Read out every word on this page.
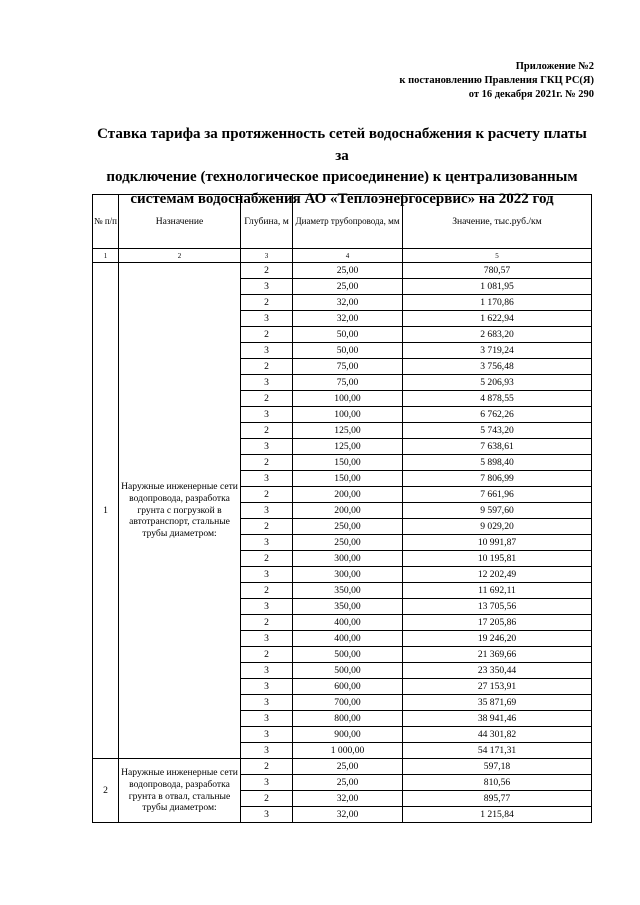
Приложение №2
к постановлению Правления ГКЦ РС(Я)
от 16 декабря 2021г. № 290
Ставка тарифа за протяженность сетей водоснабжения к расчету платы за
подключение (технологическое присоединение) к централизованным
системам водоснабжения АО «Теплоэнергосервис» на 2022 год
№ п/п	Назначение	Глубина, м	Диаметр трубопровода, мм	Значение, тыс.руб./км
1	2	3	4	5
1	Наружные инженерные сети водопровода, разработка грунта с погрузкой в автотранспорт, стальные трубы диаметром:	2	25,00	780,57
		3	25,00	1 081,95
		2	32,00	1 170,86
		3	32,00	1 622,94
		2	50,00	2 683,20
		3	50,00	3 719,24
		2	75,00	3 756,48
		3	75,00	5 206,93
		2	100,00	4 878,55
		3	100,00	6 762,26
		2	125,00	5 743,20
		3	125,00	7 638,61
		2	150,00	5 898,40
		3	150,00	7 806,99
		2	200,00	7 661,96
		3	200,00	9 597,60
		2	250,00	9 029,20
		3	250,00	10 991,87
		2	300,00	10 195,81
		3	300,00	12 202,49
		2	350,00	11 692,11
		3	350,00	13 705,56
		2	400,00	17 205,86
		3	400,00	19 246,20
		2	500,00	21 369,66
		3	500,00	23 350,44
		3	600,00	27 153,91
		3	700,00	35 871,69
		3	800,00	38 941,46
		3	900,00	44 301,82
		3	1 000,00	54 171,31
2	Наружные инженерные сети водопровода, разработка грунта в отвал, стальные трубы диаметром:	2	25,00	597,18
		3	25,00	810,56
		2	32,00	895,77
		3	32,00	1 215,84
